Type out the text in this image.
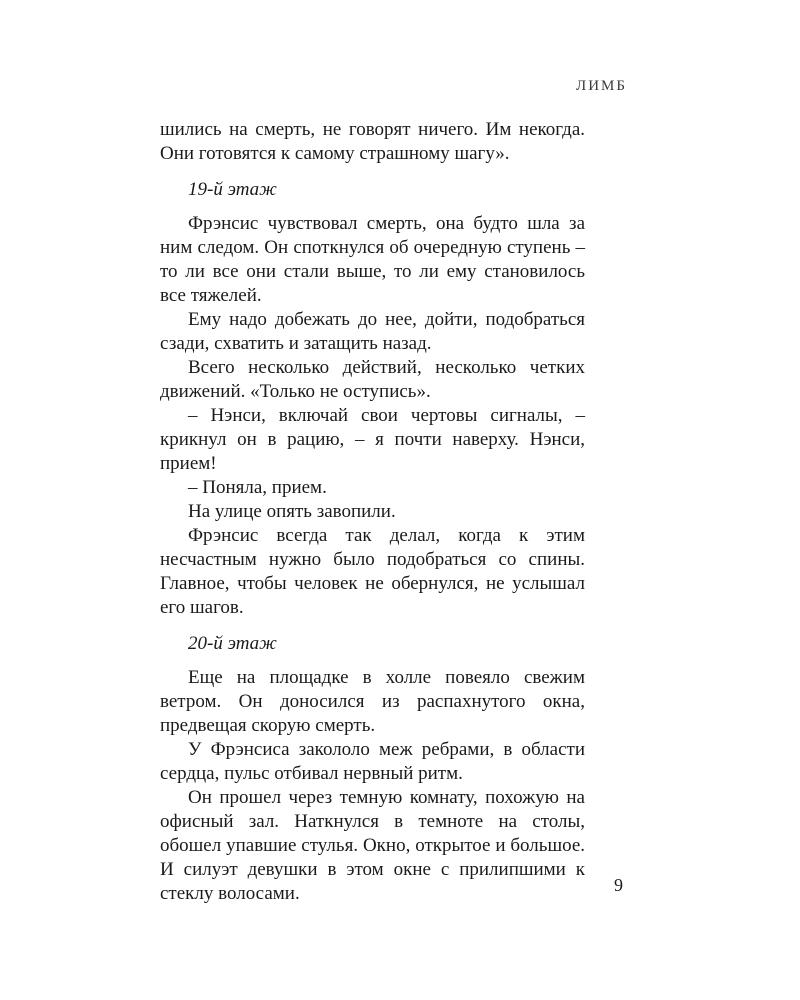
ЛИМБ

шились на смерть, не говорят ничего. Им некогда. Они готовятся к самому страшному шагу».

19-й этаж

Фрэнсис чувствовал смерть, она будто шла за ним следом. Он споткнулся об очередную ступень – то ли все они стали выше, то ли ему становилось все тяжелей.

Ему надо добежать до нее, дойти, подобраться сзади, схватить и затащить назад.

Всего несколько действий, несколько четких движений. «Только не оступись».

– Нэнси, включай свои чертовы сигналы, – крикнул он в рацию, – я почти наверху. Нэнси, прием!

– Поняла, прием.

На улице опять завопили.

Фрэнсис всегда так делал, когда к этим несчастным нужно было подобраться со спины. Главное, чтобы человек не обернулся, не услышал его шагов.

20-й этаж

Еще на площадке в холле повеяло свежим ветром. Он доносился из распахнутого окна, предвещая скорую смерть.

У Фрэнсиса закололо меж ребрами, в области сердца, пульс отбивал нервный ритм.

Он прошел через темную комнату, похожую на офисный зал. Наткнулся в темноте на столы, обошел упавшие стулья. Окно, открытое и большое. И силуэт девушки в этом окне с прилипшими к стеклу волосами.	9
